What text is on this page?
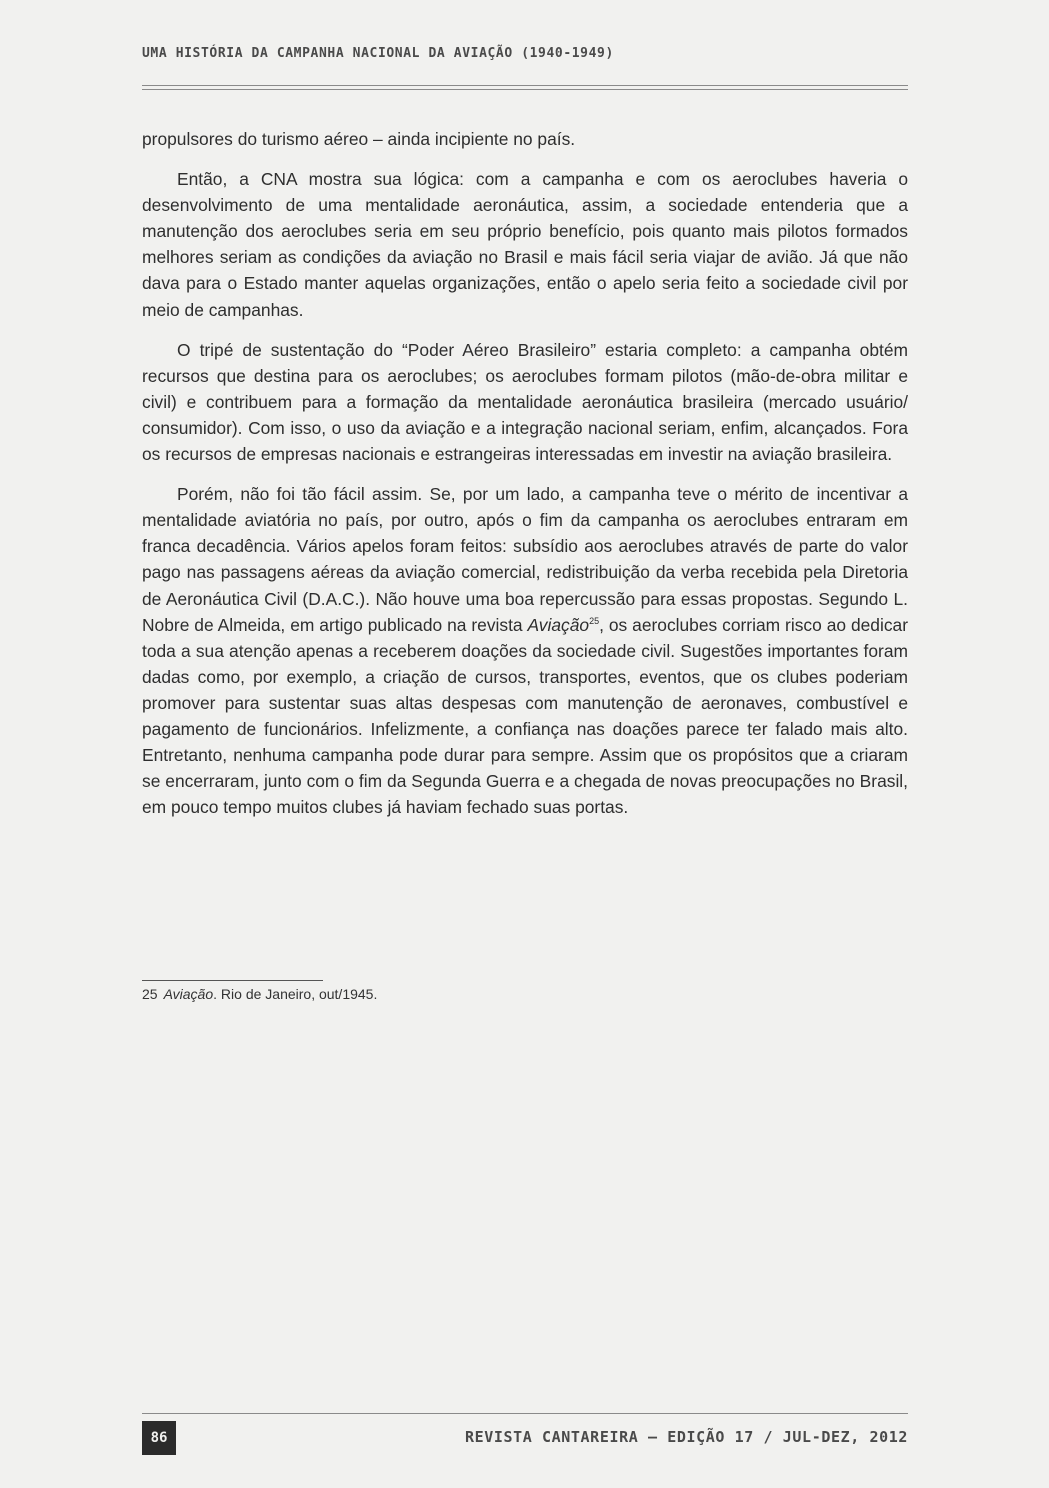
UMA HISTÓRIA DA CAMPANHA NACIONAL DA AVIAÇÃO (1940-1949)

propulsores do turismo aéreo – ainda incipiente no país.

Então, a CNA mostra sua lógica: com a campanha e com os aeroclubes haveria o desenvolvimento de uma mentalidade aeronáutica, assim, a sociedade entenderia que a manutenção dos aeroclubes seria em seu próprio benefício, pois quanto mais pilotos formados melhores seriam as condições da aviação no Brasil e mais fácil seria viajar de avião. Já que não dava para o Estado manter aquelas organizações, então o apelo seria feito a sociedade civil por meio de campanhas.

O tripé de sustentação do “Poder Aéreo Brasileiro” estaria completo: a campanha obtém recursos que destina para os aeroclubes; os aeroclubes formam pilotos (mão-de-obra militar e civil) e contribuem para a formação da mentalidade aeronáutica brasileira (mercado usuário/ consumidor). Com isso, o uso da aviação e a integração nacional seriam, enfim, alcançados. Fora os recursos de empresas nacionais e estrangeiras interessadas em investir na aviação brasileira.

Porém, não foi tão fácil assim. Se, por um lado, a campanha teve o mérito de incentivar a mentalidade aviatória no país, por outro, após o fim da campanha os aeroclubes entraram em franca decadência. Vários apelos foram feitos: subsídio aos aeroclubes através de parte do valor pago nas passagens aéreas da aviação comercial, redistribuição da verba recebida pela Diretoria de Aeronáutica Civil (D.A.C.). Não houve uma boa repercussão para essas propostas. Segundo L. Nobre de Almeida, em artigo publicado na revista Aviação$^{25}$, os aeroclubes corriam risco ao dedicar toda a sua atenção apenas a receberem doações da sociedade civil. Sugestões importantes foram dadas como, por exemplo, a criação de cursos, transportes, eventos, que os clubes poderiam promover para sustentar suas altas despesas com manutenção de aeronaves, combustível e pagamento de funcionários. Infelizmente, a confiança nas doações parece ter falado mais alto. Entretanto, nenhuma campanha pode durar para sempre. Assim que os propósitos que a criaram se encerraram, junto com o fim da Segunda Guerra e a chegada de novas preocupações no Brasil, em pouco tempo muitos clubes já haviam fechado suas portas.

25 Aviação. Rio de Janeiro, out/1945.
86	REVISTA CANTAREIRA – EDIÇÃO 17 / JUL-DEZ, 2012
